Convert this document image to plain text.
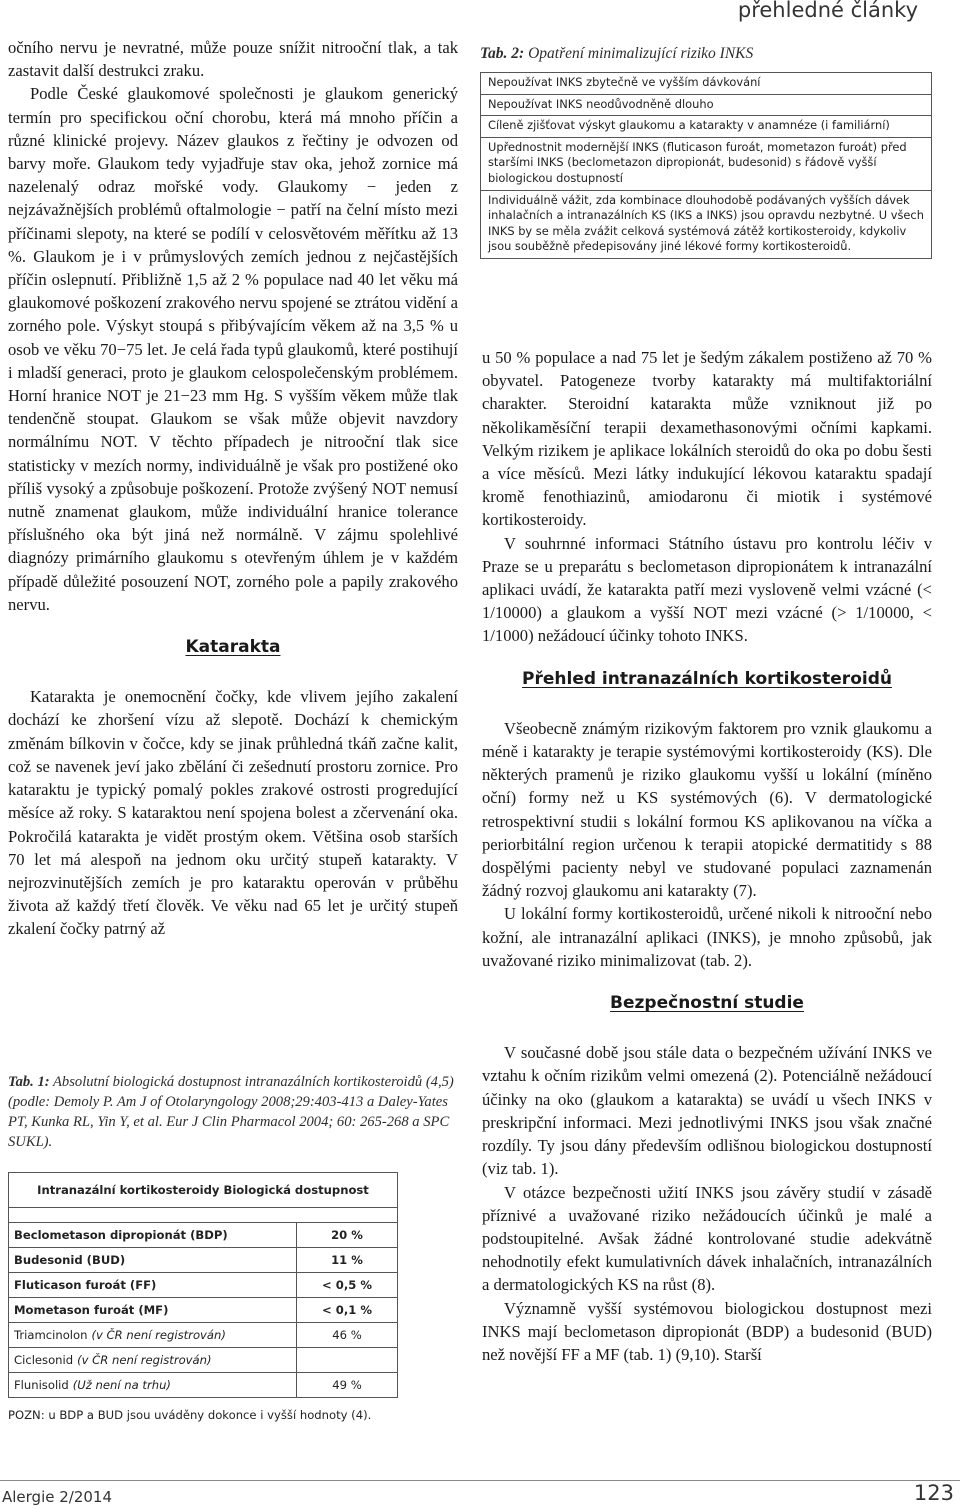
přehledné články

očního nervu je nevratné, může pouze snížit nitrooční tlak, a tak zastavit další destrukci zraku.

Podle České glaukomové společnosti je glaukom generický termín pro specifickou oční chorobu, která má mnoho příčin a různé klinické projevy. Název glaukos z řečtiny je odvozen od barvy moře. Glaukom tedy vyjadřuje stav oka, jehož zornice má nazelenalý odraz mořské vody. Glaukomy − jeden z nejzávažnějších problémů oftalmologie − patří na čelní místo mezi příčinami slepoty, na které se podílí v celosvětovém měřítku až 13 %. Glaukom je i v průmyslových zemích jednou z nejčastějších příčin oslepnutí. Přibližně 1,5 až 2 % populace nad 40 let věku má glaukomové poškození zrakového nervu spojené se ztrátou vidění a zorného pole. Výskyt stoupá s přibývajícím věkem až na 3,5 % u osob ve věku 70−75 let. Je celá řada typů glaukomů, které postihují i mladší generaci, proto je glaukom celospolečenským problémem. Horní hranice NOT je 21−23 mm Hg. S vyšším věkem může tlak tendenčně stoupat. Glaukom se však může objevit navzdory normálnímu NOT. V těchto případech je nitrooční tlak sice statisticky v mezích normy, individuálně je však pro postižené oko příliš vysoký a způsobuje poškození. Protože zvýšený NOT nemusí nutně znamenat glaukom, může individuální hranice tolerance příslušného oka být jiná než normálně. V zájmu spolehlivé diagnózy primárního glaukomu s otevřeným úhlem je v každém případě důležité posouzení NOT, zorného pole a papily zrakového nervu.

Katarakta

Katarakta je onemocnění čočky, kde vlivem jejího zakalení dochází ke zhoršení vízu až slepotě. Dochází k chemickým změnám bílkovin v čočce, kdy se jinak průhledná tkáň začne kalit, což se navenek jeví jako zbělání či zešednutí prostoru zornice. Pro kataraktu je typický pomalý pokles zrakové ostrosti progredující měsíce až roky. S kataraktou není spojena bolest a zčervenání oka. Pokročilá katarakta je vidět prostým okem. Většina osob starších 70 let má alespoň na jednom oku určitý stupeň katarakty. V nejrozvinutějších zemích je pro kataraktu operován v průběhu života až každý třetí člověk. Ve věku nad 65 let je určitý stupeň zkalení čočky patrný až

Tab. 1: Absolutní biologická dostupnost intranazálních kortikosteroidů (4,5) (podle: Demoly P. Am J of Otolaryngology 2008;29:403-413 a Daley-Yates PT, Kunka RL, Yin Y, et al. Eur J Clin Pharmacol 2004; 60: 265-268 a SPC SUKL).
Intranazální kortikosteroidy Biologická dostupnost	

Beclometason dipropionát (BDP)	20 %
Budesonid (BUD)	11 %
Fluticason furoát (FF)	< 0,5 %
Mometason furoát (MF)	< 0,1 %
Triamcinolon (v ČR není registrován)	46 %
Ciclesonid (v ČR není registrován)	
Flunisolid (Už není na trhu)	49 %
POZN: u BDP a BUD jsou uváděny dokonce i vyšší hodnoty (4).
Tab. 2: Opatření minimalizující riziko INKS
Nepoužívat INKS zbytečně ve vyšším dávkování
Nepoužívat INKS neodůvodněně dlouho
Cíleně zjišťovat výskyt glaukomu a katarakty v anamnéze (i familiární)
Upřednostnit modernější INKS (fluticason furoát, mometazon furoát) před staršími INKS (beclometazon dipropionát, budesonid) s řádově vyšší biologickou dostupností
Individuálně vážit, zda kombinace dlouhodobě podávaných vyšších dávek inhalačních a intranazálních KS (IKS a INKS) jsou opravdu nezbytné. U všech INKS by se měla zvážit celková systémová zátěž kortikosteroidy, kdykoliv jsou souběžně předepisovány jiné lékové formy kortikosteroidů.

u 50 % populace a nad 75 let je šedým zákalem postiženo až 70 % obyvatel. Patogeneze tvorby katarakty má multifaktoriální charakter. Steroidní katarakta může vzniknout již po několikaměsíční terapii dexamethasonovými očními kapkami. Velkým rizikem je aplikace lokálních steroidů do oka po dobu šesti a více měsíců. Mezi látky indukující lékovou kataraktu spadají kromě fenothiazinů, amiodaronu či miotik i systémové kortikosteroidy.

V souhrnné informaci Státního ústavu pro kontrolu léčiv v Praze se u preparátu s beclometason dipropionátem k intranazální aplikaci uvádí, že katarakta patří mezi vysloveně velmi vzácné (< 1/10000) a glaukom a vyšší NOT mezi vzácné (> 1/10000, < 1/1000) nežádoucí účinky tohoto INKS.

Přehled intranazálních kortikosteroidů

Všeobecně známým rizikovým faktorem pro vznik glaukomu a méně i katarakty je terapie systémovými kortikosteroidy (KS). Dle některých pramenů je riziko glaukomu vyšší u lokální (míněno oční) formy než u KS systémových (6). V dermatologické retrospektivní studii s lokální formou KS aplikovanou na víčka a periorbitální region určenou k terapii atopické dermatitidy s 88 dospělými pacienty nebyl ve studované populaci zaznamenán žádný rozvoj glaukomu ani katarakty (7).

U lokální formy kortikosteroidů, určené nikoli k nitrooční nebo kožní, ale intranazální aplikaci (INKS), je mnoho způsobů, jak uvažované riziko minimalizovat (tab. 2).

Bezpečnostní studie

V současné době jsou stále data o bezpečném užívání INKS ve vztahu k očním rizikům velmi omezená (2). Potenciálně nežádoucí účinky na oko (glaukom a katarakta) se uvádí u všech INKS v preskripční informaci. Mezi jednotlivými INKS jsou však značné rozdíly. Ty jsou dány především odlišnou biologickou dostupností (viz tab. 1).

V otázce bezpečnosti užití INKS jsou závěry studií v zásadě příznivé a uvažované riziko nežádoucích účinků je malé a podstoupitelné. Avšak žádné kontrolované studie adekvátně nehodnotily efekt kumulativních dávek inhalačních, intranazálních a dermatologických KS na růst (8).

Významně vyšší systémovou biologickou dostupnost mezi INKS mají beclometason dipropionát (BDP) a budesonid (BUD) než novější FF a MF (tab. 1) (9,10). Starší

Alergie 2/2014	123
